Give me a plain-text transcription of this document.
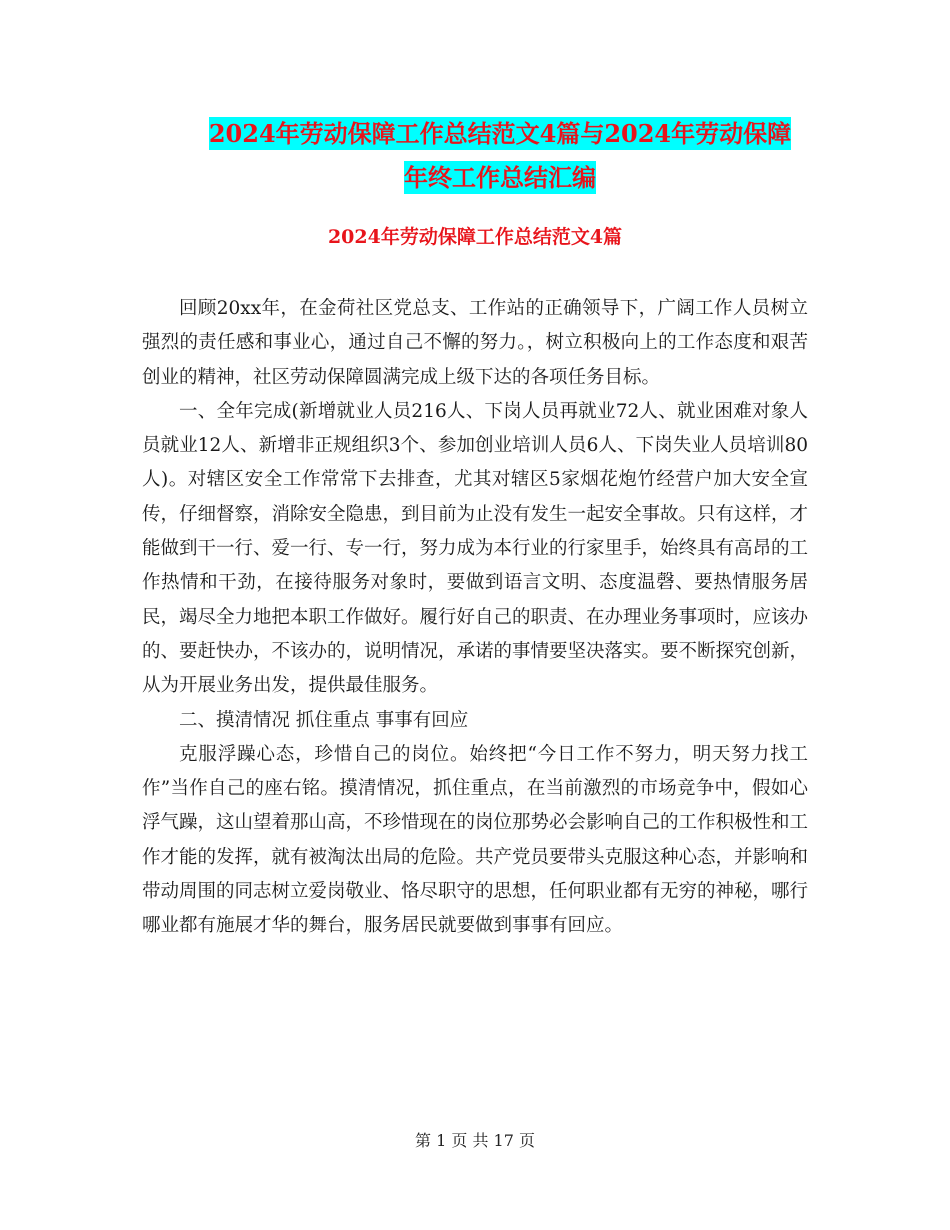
2024年劳动保障工作总结范文4篇与2024年劳动保障
年终工作总结汇编
2024年劳动保障工作总结范文4篇

回顾20xx年，在金荷社区党总支、工作站的正确领导下，广阔工作人员树立强烈的责任感和事业心，通过自己不懈的努力。，树立积极向上的工作态度和艰苦创业的精神，社区劳动保障圆满完成上级下达的各项任务目标。

一、全年完成(新增就业人员216人、下岗人员再就业72人、就业困难对象人员就业12人、新增非正规组织3个、参加创业培训人员6人、下岗失业人员培训80人)。对辖区安全工作常常下去排查，尤其对辖区5家烟花炮竹经营户加大安全宣传，仔细督察，消除安全隐患，到目前为止没有发生一起安全事故。只有这样，才能做到干一行、爱一行、专一行，努力成为本行业的行家里手，始终具有高昂的工作热情和干劲，在接待服务对象时，要做到语言文明、态度温磬、要热情服务居民，竭尽全力地把本职工作做好。履行好自己的职责、在办理业务事项时，应该办的、要赶快办，不该办的，说明情况，承诺的事情要坚决落实。要不断探究创新，从为开展业务出发，提供最佳服务。

二、摸清情况 抓住重点 事事有回应

克服浮躁心态，珍惜自己的岗位。始终把“今日工作不努力，明天努力找工作”当作自己的座右铭。摸清情况，抓住重点，在当前激烈的市场竞争中，假如心浮气躁，这山望着那山高，不珍惜现在的岗位那势必会影响自己的工作积极性和工作才能的发挥，就有被淘汰出局的危险。共产党员要带头克服这种心态，并影响和带动周围的同志树立爱岗敬业、恪尽职守的思想，任何职业都有无穷的神秘，哪行哪业都有施展才华的舞台，服务居民就要做到事事有回应。

第 1 页 共 17 页
